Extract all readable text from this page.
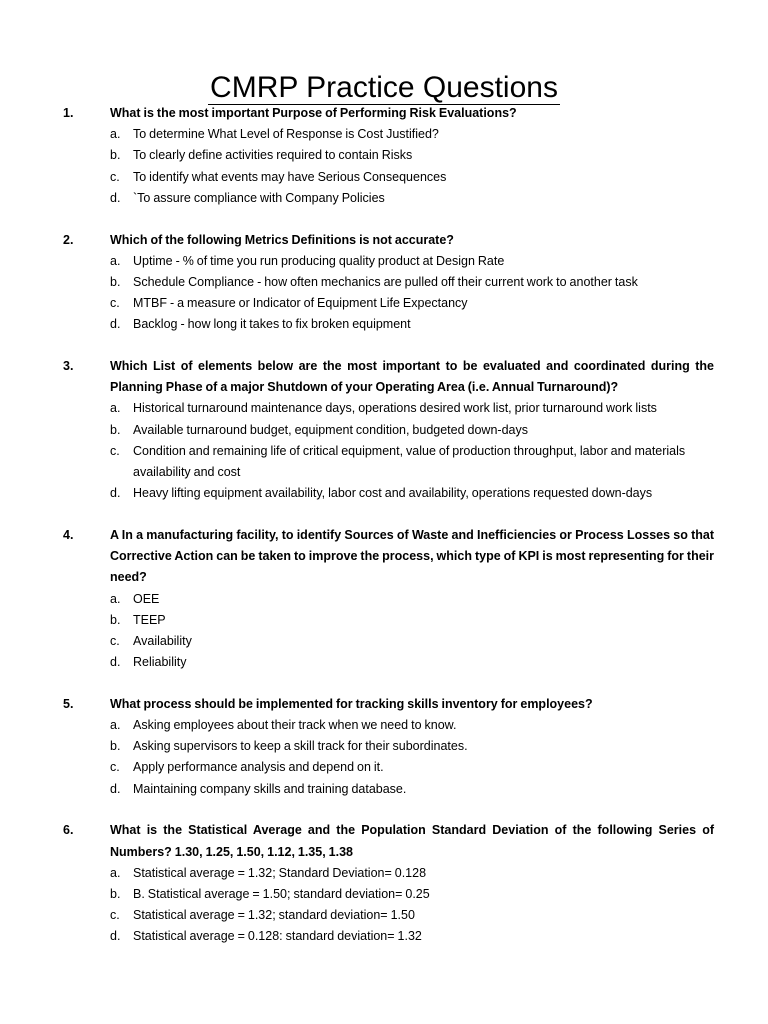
CMRP Practice Questions
1.	What is the most important Purpose of Performing Risk Evaluations?
a. To determine What Level of Response is Cost Justified?
b. To clearly define activities required to contain Risks
c. To identify what events may have Serious Consequences
d. `To assure compliance with Company Policies
2.	Which of the following Metrics Definitions is not accurate?
a. Uptime - % of time you run producing quality product at Design Rate
b. Schedule Compliance - how often mechanics are pulled off their current work to another task
c. MTBF - a measure or Indicator of Equipment Life Expectancy
d. Backlog - how long it takes to fix broken equipment
3.	Which List of elements below are the most important to be evaluated and coordinated during the Planning Phase of a major Shutdown of your Operating Area (i.e. Annual Turnaround)?
a. Historical turnaround maintenance days, operations desired work list, prior turnaround work lists
b. Available turnaround budget, equipment condition, budgeted down-days
c. Condition and remaining life of critical equipment, value of production throughput, labor and materials availability and cost
d. Heavy lifting equipment availability, labor cost and availability, operations requested down-days
4.	A In a manufacturing facility, to identify Sources of Waste and Inefficiencies or Process Losses so that Corrective Action can be taken to improve the process, which type of KPI is most representing for their need?
a. OEE
b. TEEP
c. Availability
d. Reliability
5.	What process should be implemented for tracking skills inventory for employees?
a. Asking employees about their track when we need to know.
b. Asking supervisors to keep a skill track for their subordinates.
c. Apply performance analysis and depend on it.
d. Maintaining company skills and training database.
6.	What is the Statistical Average and the Population Standard Deviation of the following Series of Numbers? 1.30, 1.25, 1.50, 1.12, 1.35, 1.38
a. Statistical average = 1.32; Standard Deviation= 0.128
b. B. Statistical average = 1.50; standard deviation= 0.25
c. Statistical average = 1.32; standard deviation= 1.50
d. Statistical average = 0.128: standard deviation= 1.32
